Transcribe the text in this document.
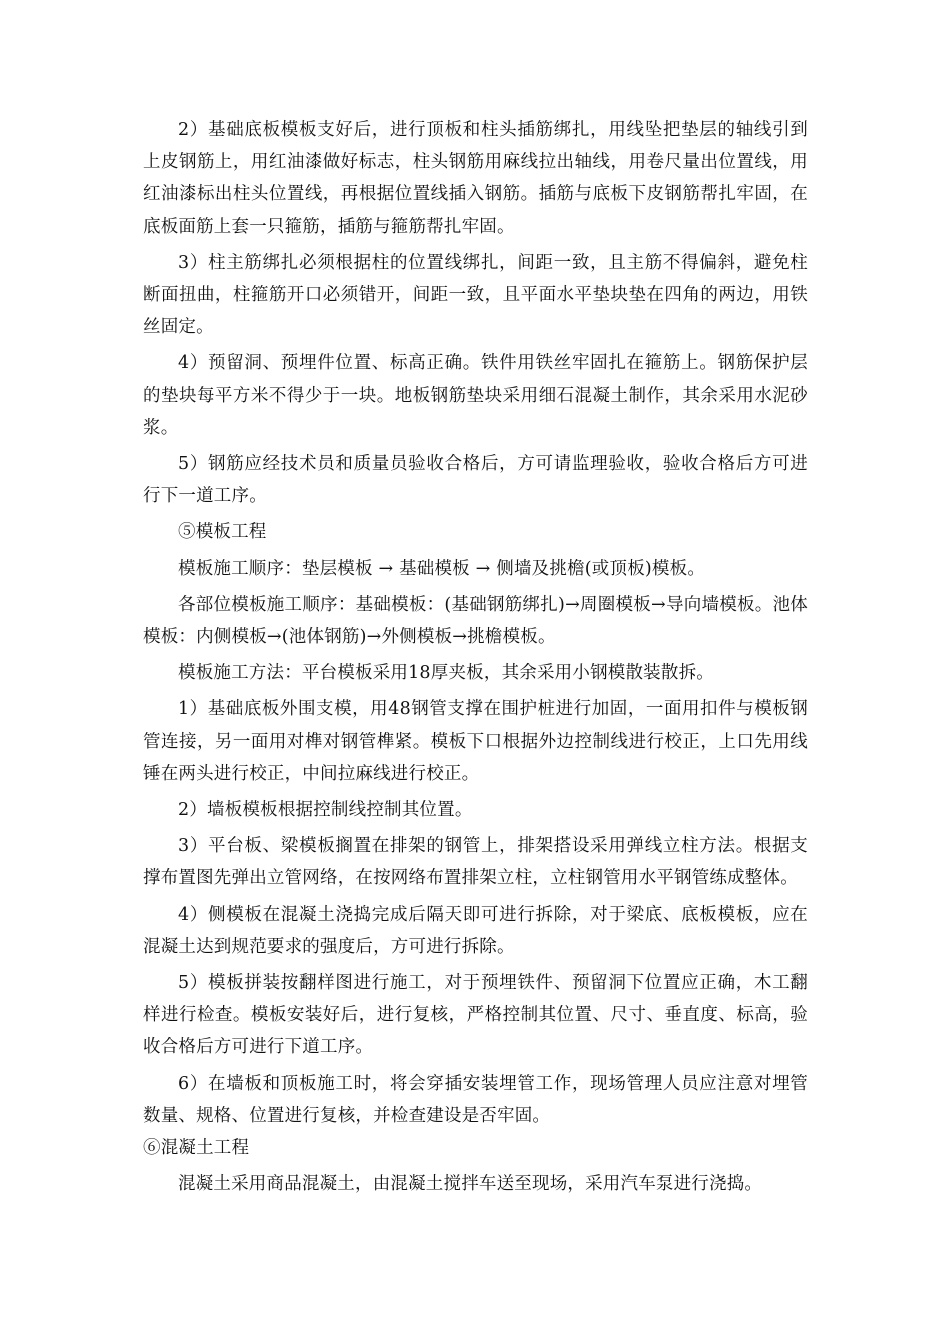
2）基础底板模板支好后，进行顶板和柱头插筋绑扎，用线坠把垫层的轴线引到上皮钢筋上，用红油漆做好标志，柱头钢筋用麻线拉出轴线，用卷尺量出位置线，用红油漆标出柱头位置线，再根据位置线插入钢筋。插筋与底板下皮钢筋帮扎牢固，在底板面筋上套一只箍筋，插筋与箍筋帮扎牢固。

3）柱主筋绑扎必须根据柱的位置线绑扎，间距一致，且主筋不得偏斜，避免柱断面扭曲，柱箍筋开口必须错开，间距一致，且平面水平垫块垫在四角的两边，用铁丝固定。

4）预留洞、预埋件位置、标高正确。铁件用铁丝牢固扎在箍筋上。钢筋保护层的垫块每平方米不得少于一块。地板钢筋垫块采用细石混凝土制作，其余采用水泥砂浆。

5）钢筋应经技术员和质量员验收合格后，方可请监理验收，验收合格后方可进行下一道工序。

⑤模板工程

模板施工顺序：垫层模板 → 基础模板 → 侧墙及挑檐(或顶板)模板。

各部位模板施工顺序：基础模板：(基础钢筋绑扎)→周圈模板→导向墙模板。池体模板：内侧模板→(池体钢筋)→外侧模板→挑檐模板。

模板施工方法：平台模板采用18厚夹板，其余采用小钢模散装散拆。

1）基础底板外围支模，用48钢管支撑在围护桩进行加固，一面用扣件与模板钢管连接，另一面用对榫对钢管榫紧。模板下口根据外边控制线进行校正，上口先用线锤在两头进行校正，中间拉麻线进行校正。

2）墙板模板根据控制线控制其位置。

3）平台板、梁模板搁置在排架的钢管上，排架搭设采用弹线立柱方法。根据支撑布置图先弹出立管网络，在按网络布置排架立柱，立柱钢管用水平钢管练成整体。

4）侧模板在混凝土浇捣完成后隔天即可进行拆除，对于梁底、底板模板，应在混凝土达到规范要求的强度后，方可进行拆除。

5）模板拼装按翻样图进行施工，对于预埋铁件、预留洞下位置应正确，木工翻样进行检查。模板安装好后，进行复核，严格控制其位置、尺寸、垂直度、标高，验收合格后方可进行下道工序。

6）在墙板和顶板施工时，将会穿插安装埋管工作，现场管理人员应注意对埋管数量、规格、位置进行复核，并检查建设是否牢固。

⑥混凝土工程

混凝土采用商品混凝土，由混凝土搅拌车送至现场，采用汽车泵进行浇捣。
